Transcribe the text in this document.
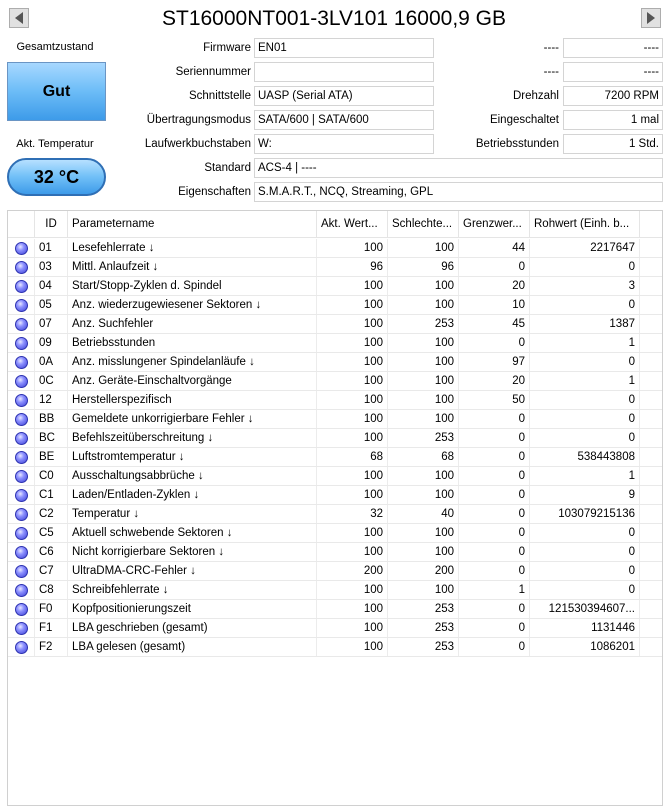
ST16000NT001-3LV101 16000,9 GB
Gesamtzustand
Gut
Akt. Temperatur
32 °C
Firmware EN01
Seriennummer
Schnittstelle UASP (Serial ATA)
Übertragungsmodus SATA/600 | SATA/600
Laufwerkbuchstaben W:
Standard ACS-4 | ----
Eigenschaften S.M.A.R.T., NCQ, Streaming, GPL
----	----
----	----
Drehzahl	7200 RPM
Eingeschaltet	1 mal
Betriebsstunden	1 Std.
ID	Parametername	Akt. Wert...	Schlechte... Grenzwer...	Rohwert (Einh. b...
01	Lesefehlerrate ↓	100	100	44	2217647
03	Mittl. Anlaufzeit ↓	96	96	0	0
04	Start/Stopp-Zyklen d. Spindel	100	100	20	3
05	Anz. wiederzugewiesener Sektoren ↓	100	100	10	0
07	Anz. Suchfehler	100	253	45	1387
09	Betriebsstunden	100	100	0	1
0A	Anz. misslungener Spindelanläufe ↓	100	100	97	0
0C	Anz. Geräte-Einschaltvorgänge	100	100	20	1
12	Herstellerspezifisch	100	100	50	0
BB	Gemeldete unkorrigierbare Fehler ↓	100	100	0	0
BC	Befehlszeitüberschreitung ↓	100	253	0	0
BE	Luftstromtemperatur ↓	68	68	0	538443808
C0	Ausschaltungsabbrüche ↓	100	100	0	1
C1	Laden/Entladen-Zyklen ↓	100	100	0	9
C2	Temperatur ↓	32	40	0	103079215136
C5	Aktuell schwebende Sektoren ↓	100	100	0	0
C6	Nicht korrigierbare Sektoren ↓	100	100	0	0
C7	UltraDMA-CRC-Fehler ↓	200	200	0	0
C8	Schreibfehlerrate ↓	100	100	1	0
F0	Kopfpositionierungszeit	100	253	0	121530394607...
F1	LBA geschrieben (gesamt)	100	253	0	1131446
F2	LBA gelesen (gesamt)	100	253	0	1086201
